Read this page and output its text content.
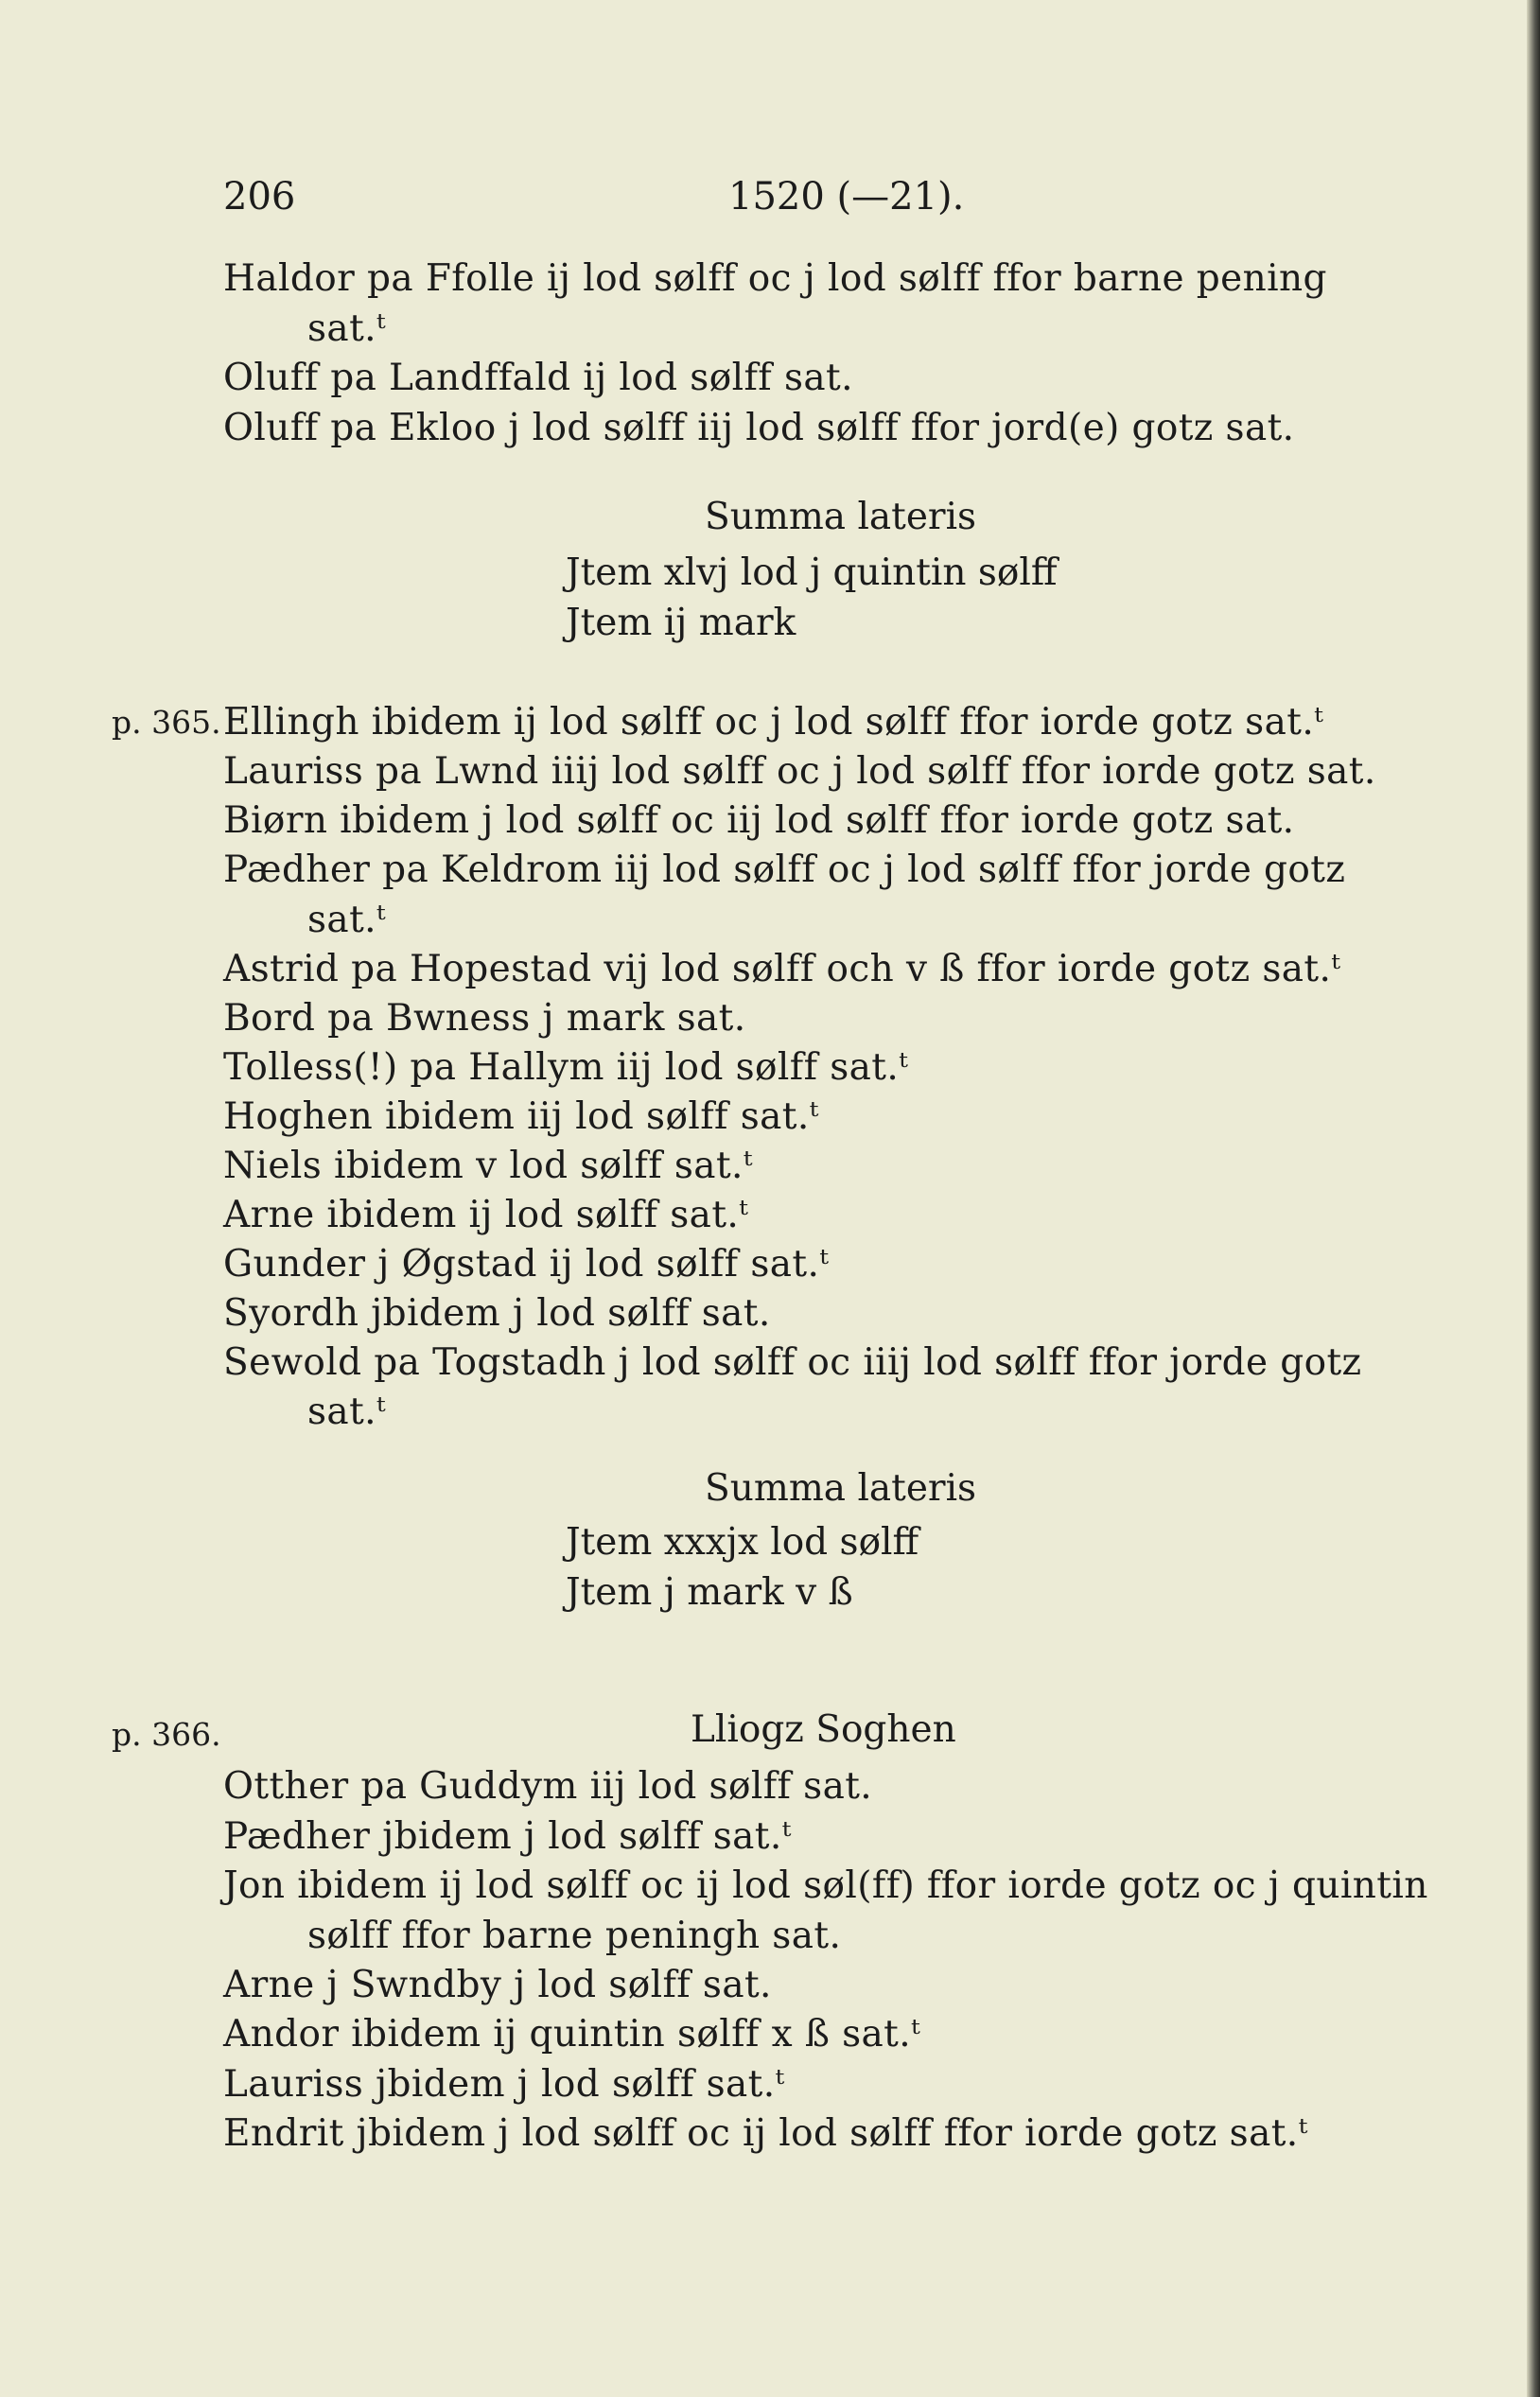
206	1520 (—21).
Haldor pa Ffolle ij lod sølff oc j lod sølff ffor barne pening
sat.ᵗ
Oluff pa Landffald ij lod sølff sat.
Oluff pa Ekloo j lod sølff iij lod sølff ffor jord(e) gotz sat.
Summa lateris
Jtem xlvj lod j quintin sølff
Jtem ij mark
p. 365. Ellingh ibidem ij lod sølff oc j lod sølff ffor iorde gotz sat.ᵗ
Lauriss pa Lwnd iiij lod sølff oc j lod sølff ffor iorde gotz sat.
Biørn ibidem j lod sølff oc iij lod sølff ffor iorde gotz sat.
Pædher pa Keldrom iij lod sølff oc j lod sølff ffor jorde gotz
sat.ᵗ
Astrid pa Hopestad vij lod sølff och v ß ffor iorde gotz sat.ᵗ
Bord pa Bwness j mark sat.
Tolless(!) pa Hallym iij lod sølff sat.ᵗ
Hoghen ibidem iij lod sølff sat.ᵗ
Niels ibidem v lod sølff sat.ᵗ
Arne ibidem ij lod sølff sat.ᵗ
Gunder j Øgstad ij lod sølff sat.ᵗ
Syordh jbidem j lod sølff sat.
Sewold pa Togstadh j lod sølff oc iiij lod sølff ffor jorde gotz
sat.ᵗ
Summa lateris
Jtem xxxjx lod sølff
Jtem j mark v ß
p. 366.	Lliogz Soghen
Otther pa Guddym iij lod sølff sat.
Pædher jbidem j lod sølff sat.ᵗ
Jon ibidem ij lod sølff oc ij lod søl(ff) ffor iorde gotz oc j quintin
sølff ffor barne peningh sat.
Arne j Swndby j lod sølff sat.
Andor ibidem ij quintin sølff x ß sat.ᵗ
Lauriss jbidem j lod sølff sat.ᵗ
Endrit jbidem j lod sølff oc ij lod sølff ffor iorde gotz sat.ᵗ
